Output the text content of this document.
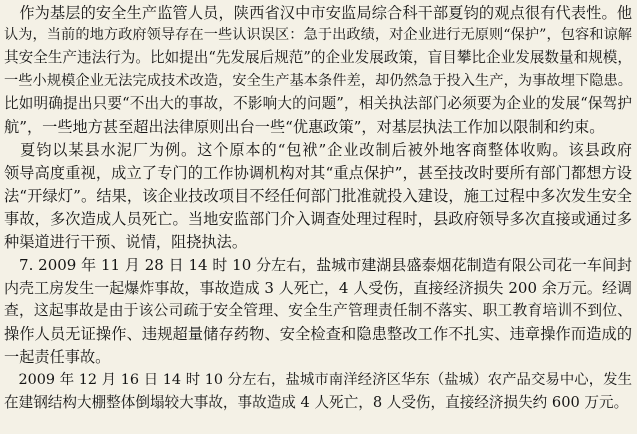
　作为基层的安全生产监管人员，陕西省汉中市安监局综合科干部夏钧的观点很有代表性。他
认为，当前的地方政府领导存在一些认识误区：急于出政绩，对企业进行无原则“保护”，包容和谅解
其安全生产违法行为。比如提出“先发展后规范”的企业发展政策，盲目攀比企业发展数量和规模，
一些小规模企业无法完成技术改造，安全生产基本条件差，却仍然急于投入生产，为事故埋下隐患。
比如明确提出只要“不出大的事故，不影响大的问题”，相关执法部门必须要为企业的发展“保驾护
航”，一些地方甚至超出法律原则出台一些“优惠政策”，对基层执法工作加以限制和约束。
　夏钧以某县水泥厂为例。这个原本的“包袱”企业改制后被外地客商整体收购。该县政府
领导高度重视，成立了专门的工作协调机构对其“重点保护”，甚至技改时要所有部门都想方设
法“开绿灯”。结果，该企业技改项目不经任何部门批准就投入建设，施工过程中多次发生安全
事故，多次造成人员死亡。当地安监部门介入调查处理过程时，县政府领导多次直接或通过多
种渠道进行干预、说情，阻挠执法。
　7. 2009 年 11 月 28 日 14 时 10 分左右，盐城市建湖县盛泰烟花制造有限公司花一车间封
内壳工房发生一起爆炸事故，事故造成 3 人死亡，4 人受伤，直接经济损失 200 余万元。经调
查，这起事故是由于该公司疏于安全管理、安全生产管理责任制不落实、职工教育培训不到位、
操作人员无证操作、违规超量储存药物、安全检查和隐患整改工作不扎实、违章操作而造成的
一起责任事故。
　2009 年 12 月 16 日 14 时 10 分左右，盐城市南洋经济区华东（盐城）农产品交易中心，发生
在建钢结构大棚整体倒塌较大事故，事故造成 4 人死亡，8 人受伤，直接经济损失约 600 万元。
